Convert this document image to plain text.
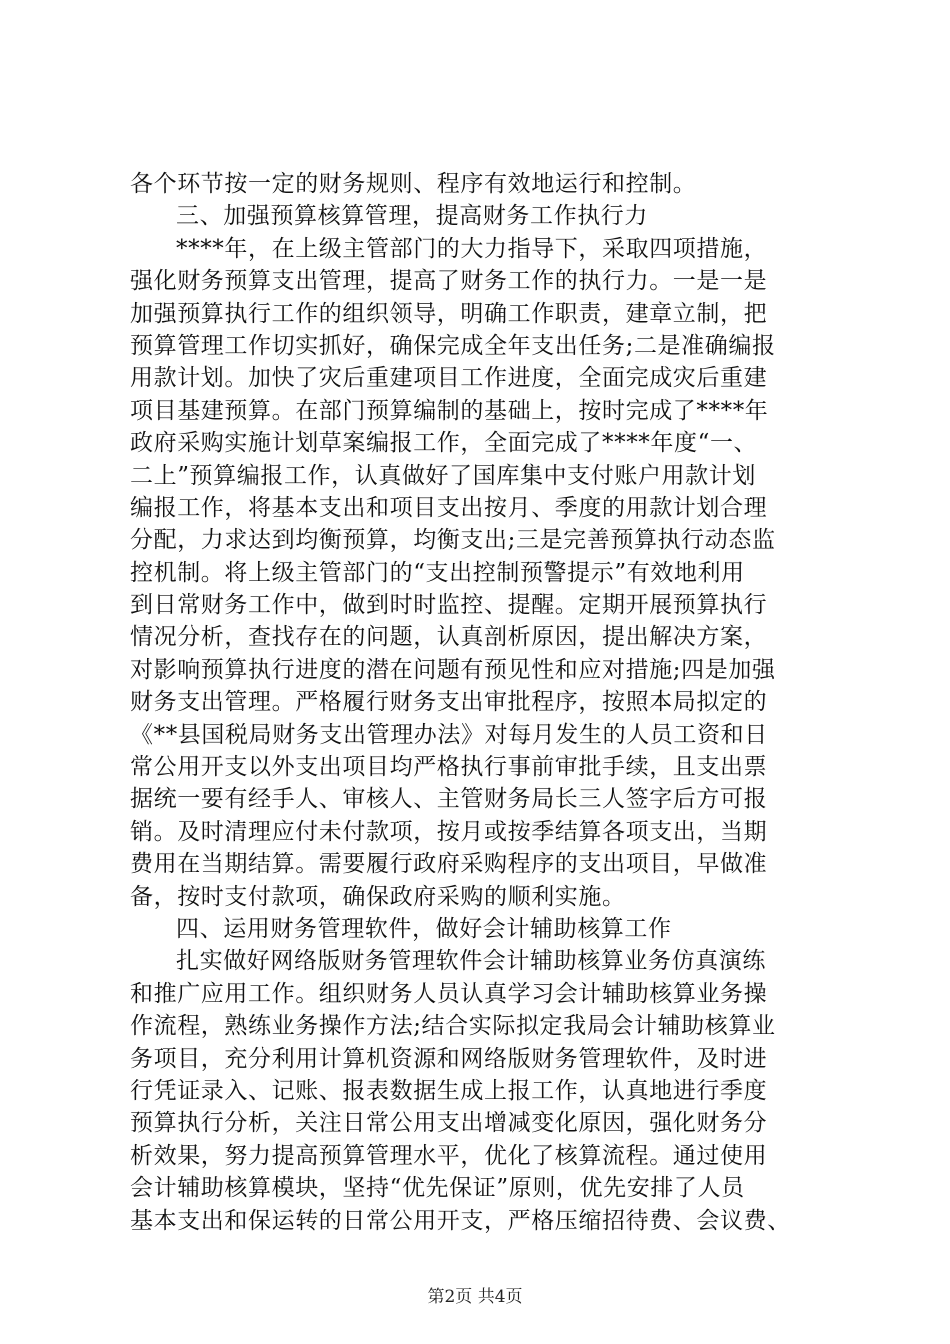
各个环节按一定的财务规则、程序有效地运行和控制。
三、加强预算核算管理，提高财务工作执行力
****年，在上级主管部门的大力指导下，采取四项措施，
强化财务预算支出管理，提高了财务工作的执行力。一是一是
加强预算执行工作的组织领导，明确工作职责，建章立制，把
预算管理工作切实抓好，确保完成全年支出任务;二是准确编报
用款计划。加快了灾后重建项目工作进度，全面完成灾后重建
项目基建预算。在部门预算编制的基础上，按时完成了****年
政府采购实施计划草案编报工作，全面完成了****年度“一、
二上”预算编报工作，认真做好了国库集中支付账户用款计划
编报工作，将基本支出和项目支出按月、季度的用款计划合理
分配，力求达到均衡预算，均衡支出;三是完善预算执行动态监
控机制。将上级主管部门的“支出控制预警提示”有效地利用
到日常财务工作中，做到时时监控、提醒。定期开展预算执行
情况分析，查找存在的问题，认真剖析原因，提出解决方案，
对影响预算执行进度的潜在问题有预见性和应对措施;四是加强
财务支出管理。严格履行财务支出审批程序，按照本局拟定的
《**县国税局财务支出管理办法》对每月发生的人员工资和日
常公用开支以外支出项目均严格执行事前审批手续，且支出票
据统一要有经手人、审核人、主管财务局长三人签字后方可报
销。及时清理应付未付款项，按月或按季结算各项支出，当期
费用在当期结算。需要履行政府采购程序的支出项目，早做准
备，按时支付款项，确保政府采购的顺利实施。
四、运用财务管理软件，做好会计辅助核算工作
扎实做好网络版财务管理软件会计辅助核算业务仿真演练
和推广应用工作。组织财务人员认真学习会计辅助核算业务操
作流程，熟练业务操作方法;结合实际拟定我局会计辅助核算业
务项目，充分利用计算机资源和网络版财务管理软件，及时进
行凭证录入、记账、报表数据生成上报工作，认真地进行季度
预算执行分析，关注日常公用支出增减变化原因，强化财务分
析效果，努力提高预算管理水平，优化了核算流程。通过使用
会计辅助核算模块，坚持“优先保证”原则，优先安排了人员
基本支出和保运转的日常公用开支，严格压缩招待费、会议费、
第2页 共4页
